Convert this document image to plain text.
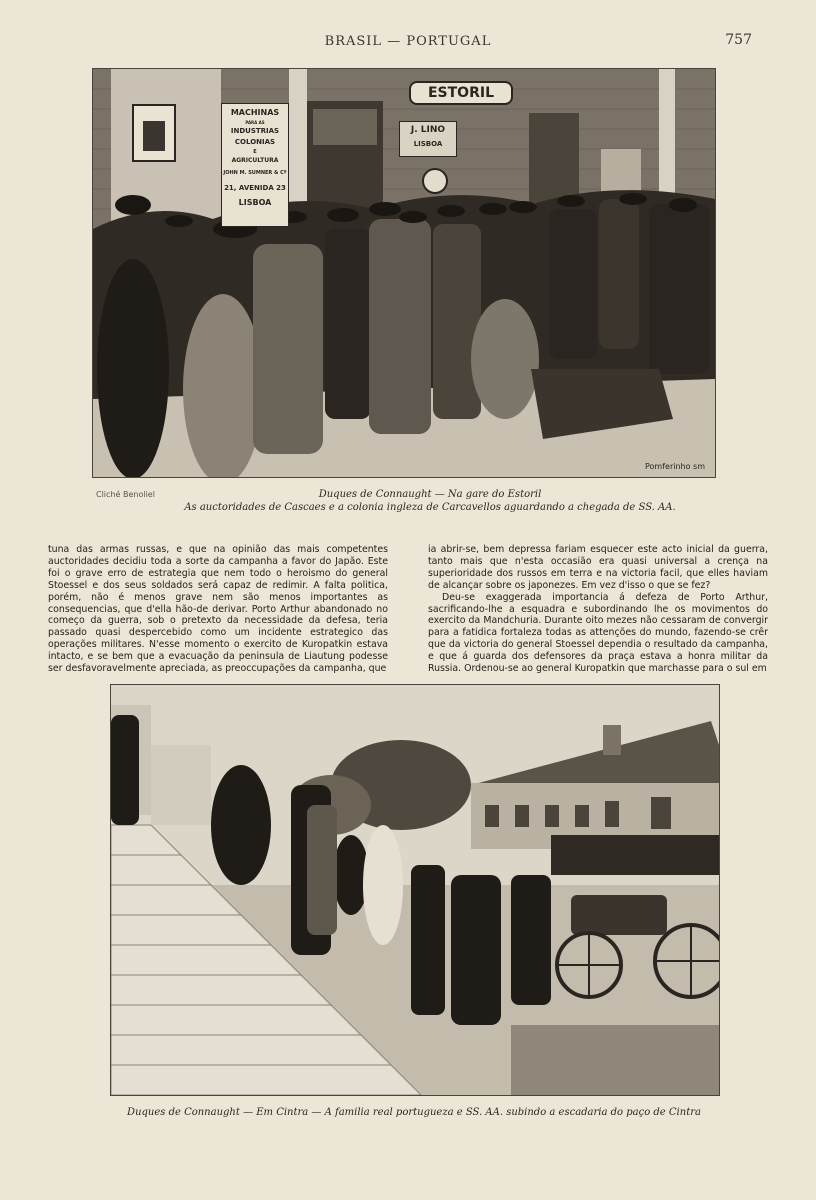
BRASIL — PORTUGAL	757
ESTORIL
MACHINAS
PARA AS
INDUSTRIAS
COLONIAS
E
AGRICULTURA
JOHN M. SUMNER & Cº
21, AVENIDA 23
LISBOA
J. LINO
LISBOA
Pomferinho sm
Cliché Benoliel	Duques de Connaught — Na gare do Estoril
As auctoridades de Cascaes e a colonia ingleza de Carcavellos aguardando a chegada de SS. AA.

tuna das armas russas, e que na opinião das mais competentes auctoridades decidiu toda a sorte da campanha a favor do Japão. Este foi o grave erro de estrategia que nem todo o heroismo do general Stoessel e dos seus soldados será capaz de redimir. A falta politica, porém, não é menos grave nem são menos importantes as consequencias, que d'ella hão-de derivar. Porto Arthur abandonado no começo da guerra, sob o pretexto da necessidade da defesa, teria passado quasi despercebido como um incidente estrategico das operações militares. N'esse momento o exercito de Kuropatkin estava intacto, e se bem que a evacuação da peninsula de Liautung podesse ser desfavoravelmente apreciada, as preoccupações da campanha, que

ia abrir-se, bem depressa fariam esquecer este acto inicial da guerra, tanto mais que n'esta occasião era quasi universal a crença na superioridade dos russos em terra e na victoria facil, que elles haviam de alcançar sobre os japonezes. Em vez d'isso o que se fez?

Deu-se exaggerada importancia á defeza de Porto Arthur, sacrificando-lhe a esquadra e subordinando lhe os movimentos do exercito da Mandchuria. Durante oito mezes não cessaram de convergir para a fatidica fortaleza todas as attenções do mundo, fazendo-se crêr que da victoria do general Stoessel dependia o resultado da campanha, e que á guarda dos defensores da praça estava a honra militar da Russia. Ordenou-se ao general Kuropatkin que marchasse para o sul em

Duques de Connaught — Em Cintra — A familia real portugueza e SS. AA. subindo a escadaria do paço de Cintra
